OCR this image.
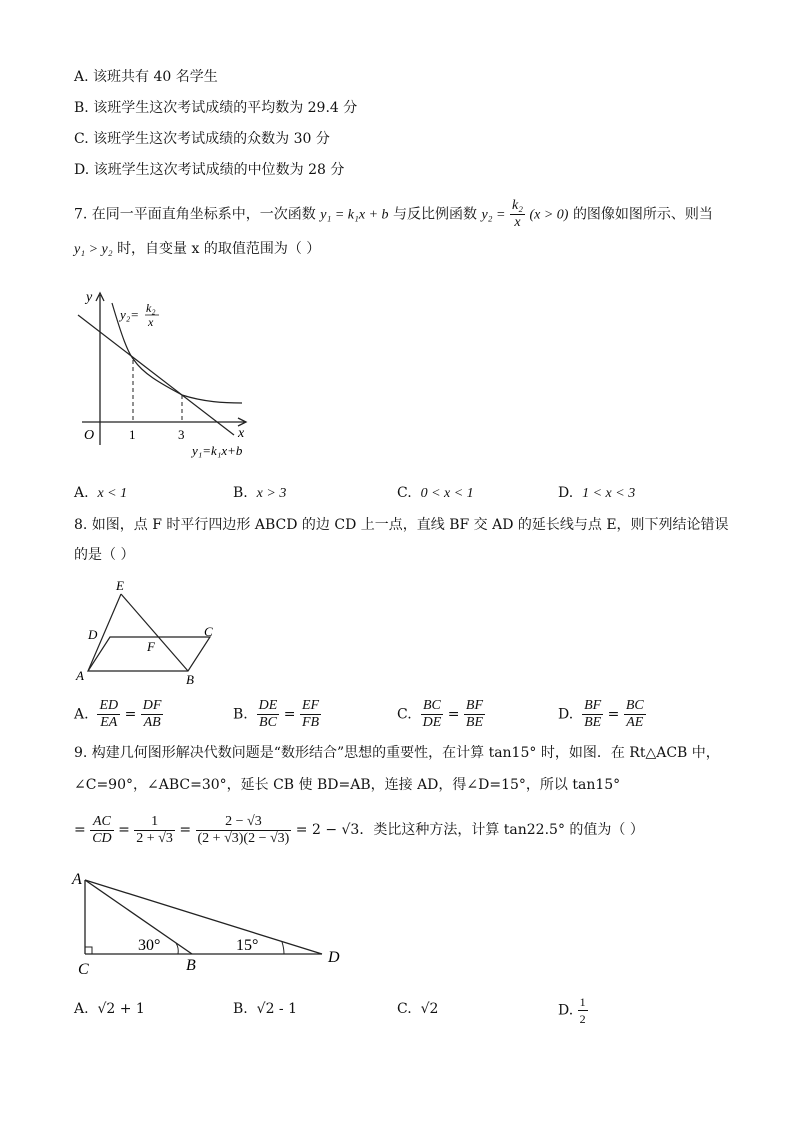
A. 该班共有 40 名学生
B. 该班学生这次考试成绩的平均数为 29.4 分
C. 该班学生这次考试成绩的众数为 30 分
D. 该班学生这次考试成绩的中位数为 28 分
7. 在同一平面直角坐标系中，一次函数 y₁ = k₁x + b 与反比例函数 $y_2 = \frac{\text{k₂}}{x} (x > 0)$ 的图像如图所示、则当
y₁ > y₂ 时，自变量 x 的取值范围为（ ）
y
x
O	1	3
y₂= k₂
x
y₁=k₁x+b
A. x < 1	B. x > 3	C. 0 < x < 1	D. 1 < x < 3
8. 如图，点 F 时平行四边形 ABCD 的边 CD 上一点，直线 BF 交 AD 的延长线与点 E，则下列结论错误
的是（ ）
E
D	C
F
A	B
A. $\frac{ED}{EA} = \frac{DF}{AB}$	B. $\frac{DE}{BC} = \frac{EF}{FB}$	C. $\frac{BC}{DE} = \frac{BF}{BE}$	D. $\frac{BF}{BE} = \frac{BC}{AE}$
9. 构建几何图形解决代数问题是“数形结合”思想的重要性，在计算 tan15° 时，如图．在 Rt△ACB 中，
∠C=90°，∠ABC=30°，延长 CB 使 BD=AB，连接 AD，得∠D=15°，所以 tan15°
= $\frac{AC}{CD} = \frac{1}{2 + √3} = \frac{2 - √3}{(2 + √3)(2 - √3)} = 2 - √3$．类比这种方法，计算 tan22.5° 的值为（ ）
A
C	B	D
30°	15°
A. √2 + 1	B. √2 - 1	C. √2	D. $\frac{1}{2}$
